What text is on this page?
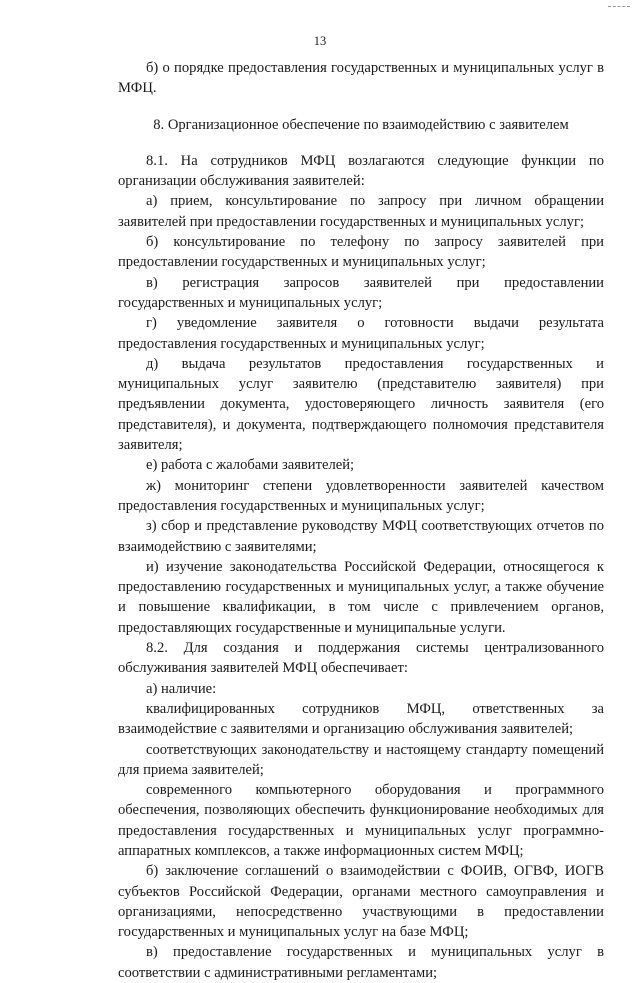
13

б) о порядке предоставления государственных и муниципальных услуг в МФЦ.

8. Организационное обеспечение по взаимодействию с заявителем

8.1. На сотрудников МФЦ возлагаются следующие функции по организации обслуживания заявителей:

а) прием, консультирование по запросу при личном обращении заявителей при предоставлении государственных и муниципальных услуг;

б) консультирование по телефону по запросу заявителей при предоставлении государственных и муниципальных услуг;

в) регистрация запросов заявителей при предоставлении государственных и муниципальных услуг;

г) уведомление заявителя о готовности выдачи результата предоставления государственных и муниципальных услуг;

д) выдача результатов предоставления государственных и муниципальных услуг заявителю (представителю заявителя) при предъявлении документа, удостоверяющего личность заявителя (его представителя), и документа, подтверждающего полномочия представителя заявителя;

е) работа с жалобами заявителей;

ж) мониторинг степени удовлетворенности заявителей качеством предоставления государственных и муниципальных услуг;

з) сбор и представление руководству МФЦ соответствующих отчетов по взаимодействию с заявителями;

и) изучение законодательства Российской Федерации, относящегося к предоставлению государственных и муниципальных услуг, а также обучение и повышение квалификации, в том числе с привлечением органов, предоставляющих государственные и муниципальные услуги.

8.2. Для создания и поддержания системы централизованного обслуживания заявителей МФЦ обеспечивает:

а) наличие:

квалифицированных сотрудников МФЦ, ответственных за взаимодействие с заявителями и организацию обслуживания заявителей;

соответствующих законодательству и настоящему стандарту помещений для приема заявителей;

современного компьютерного оборудования и программного обеспечения, позволяющих обеспечить функционирование необходимых для предоставления государственных и муниципальных услуг программно-аппаратных комплексов, а также информационных систем МФЦ;

б) заключение соглашений о взаимодействии с ФОИВ, ОГВФ, ИОГВ субъектов Российской Федерации, органами местного самоуправления и организациями, непосредственно участвующими в предоставлении государственных и муниципальных услуг на базе МФЦ;

в) предоставление государственных и муниципальных услуг в соответствии с административными регламентами;
